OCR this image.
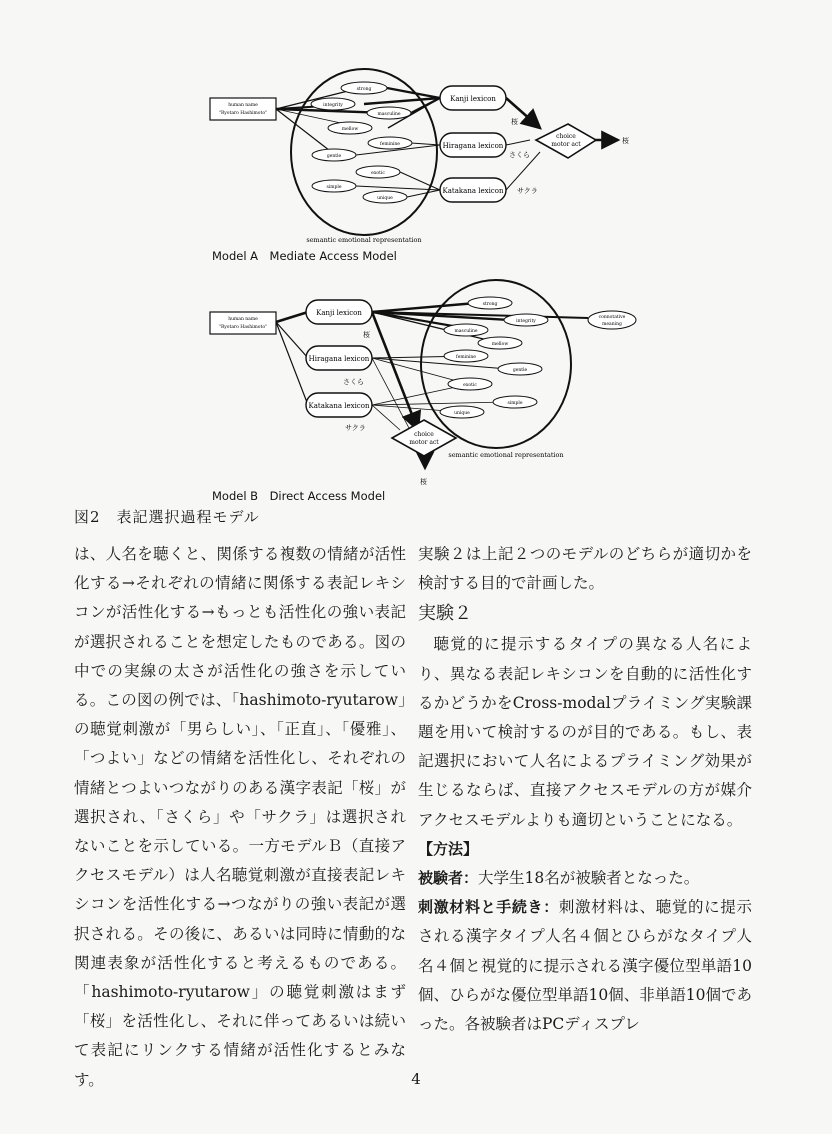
human name
"Ryotaro Hashimoto"
strong
integrity
masculine
mellow
feminine
gentle
exotic
simple
unique
Kanji lexicon
Hiragana lexicon
Katakana lexicon
桜
さくら
サクラ
choice
motor act	桜
semantic emotional representation
human name
"Ryotaro Hashimoto"
strong
integrity
masculine
mellow
feminine
gentle
exotic
simple
unique
Kanji lexicon
Hiragana lexicon
Katakana lexicon
桜
さくら
サクラ
connotative
meaning
choice
motor act
桜
semantic emotional representation
Model A　Mediate Access Model
Model B　Direct Access Model
図2　表記選択過程モデル

は、人名を聴くと、関係する複数の情緒が活性化する→それぞれの情緒に関係する表記レキシコンが活性化する→もっとも活性化の強い表記が選択されることを想定したものである。図の中での実線の太さが活性化の強さを示している。この図の例では、「hashimoto-ryutarow」の聴覚刺激が「男らしい」、「正直」、「優雅」、「つよい」などの情緒を活性化し、それぞれの情緒とつよいつながりのある漢字表記「桜」が選択され、「さくら」や「サクラ」は選択されないことを示している。一方モデルＢ（直接アクセスモデル）は人名聴覚刺激が直接表記レキシコンを活性化する→つながりの強い表記が選択される。その後に、あるいは同時に情動的な関連表象が活性化すると考えるものである。「hashimoto-ryutarow」の聴覚刺激はまず「桜」を活性化し、それに伴ってあるいは続いて表記にリンクする情緒が活性化するとみなす。

実験２は上記２つのモデルのどちらが適切かを検討する目的で計画した。

実験２

聴覚的に提示するタイプの異なる人名により、異なる表記レキシコンを自動的に活性化するかどうかをCross-modalプライミング実験課題を用いて検討するのが目的である。もし、表記選択において人名によるプライミング効果が生じるならば、直接アクセスモデルの方が媒介アクセスモデルよりも適切ということになる。

【方法】

被験者：大学生18名が被験者となった。

刺激材料と手続き：刺激材料は、聴覚的に提示される漢字タイプ人名４個とひらがなタイプ人名４個と視覚的に提示される漢字優位型単語10個、ひらがな優位型単語10個、非単語10個であった。各被験者はPCディスプレ

4
